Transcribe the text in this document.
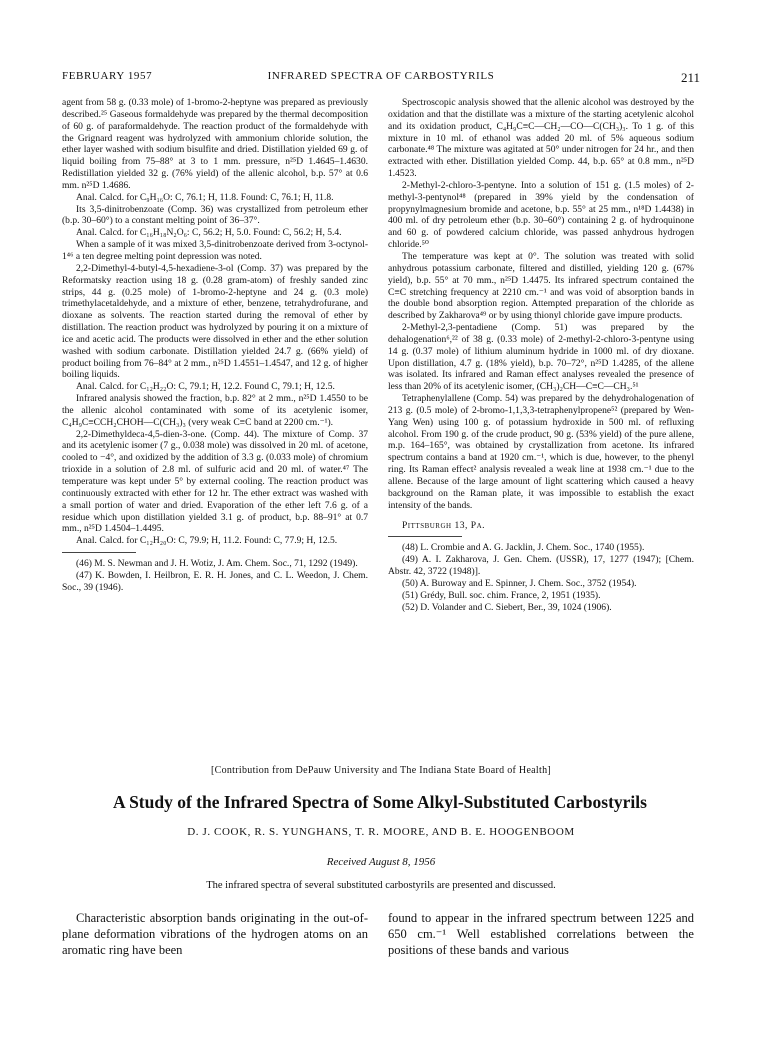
FEBRUARY 1957	INFRARED SPECTRA OF CARBOSTYRILS	211

agent from 58 g. (0.33 mole) of 1-bromo-2-heptyne was prepared as previously described.²⁵ Gaseous formaldehyde was prepared by the thermal decomposition of 60 g. of paraformaldehyde. The reaction product of the formaldehyde with the Grignard reagent was hydrolyzed with ammonium chloride solution, the ether layer washed with sodium bisulfite and dried. Distillation yielded 69 g. of liquid boiling from 75–88° at 3 to 1 mm. pressure, n²⁵D 1.4645–1.4630. Redistillation yielded 32 g. (76% yield) of the allenic alcohol, b.p. 57° at 0.6 mm. n²⁵D 1.4686.

Anal. Calcd. for C₉H₁₆O: C, 76.1; H, 11.8. Found: C, 76.1; H, 11.8.

Its 3,5-dinitrobenzoate (Comp. 36) was crystallized from petroleum ether (b.p. 30–60°) to a constant melting point of 36–37°.

Anal. Calcd. for C₁₆H₁₈N₂O₆: C, 56.2; H, 5.0. Found: C, 56.2; H, 5.4.

When a sample of it was mixed 3,5-dinitrobenzoate derived from 3-octynol-1⁴⁶ a ten degree melting point depression was noted.

2,2-Dimethyl-4-butyl-4,5-hexadiene-3-ol (Comp. 37) was prepared by the Reformatsky reaction using 18 g. (0.28 gram-atom) of freshly sanded zinc strips, 44 g. (0.25 mole) of 1-bromo-2-heptyne and 24 g. (0.3 mole) trimethylacetaldehyde, and a mixture of ether, benzene, tetrahydrofurane, and dioxane as solvents. The reaction started during the removal of ether by distillation. The reaction product was hydrolyzed by pouring it on a mixture of ice and acetic acid. The products were dissolved in ether and the ether solution washed with sodium carbonate. Distillation yielded 24.7 g. (66% yield) of product boiling from 76–84° at 2 mm., n²⁵D 1.4551–1.4547, and 12 g. of higher boiling liquids.

Anal. Calcd. for C₁₂H₂₂O: C, 79.1; H, 12.2. Found C, 79.1; H, 12.5.

Infrared analysis showed the fraction, b.p. 82° at 2 mm., n²⁵D 1.4550 to be the allenic alcohol contaminated with some of its acetylenic isomer, C₄H₉C≡CCH₂CHOH—C(CH₃)₃ (very weak C≡C band at 2200 cm.⁻¹).

2,2-Dimethyldeca-4,5-dien-3-one. (Comp. 44). The mixture of Comp. 37 and its acetylenic isomer (7 g., 0.038 mole) was dissolved in 20 ml. of acetone, cooled to −4°, and oxidized by the addition of 3.3 g. (0.033 mole) of chromium trioxide in a solution of 2.8 ml. of sulfuric acid and 20 ml. of water.⁴⁷ The temperature was kept under 5° by external cooling. The reaction product was continuously extracted with ether for 12 hr. The ether extract was washed with a small portion of water and dried. Evaporation of the ether left 7.6 g. of a residue which upon distillation yielded 3.1 g. of product, b.p. 88–91° at 0.7 mm., n²⁵D 1.4504–1.4495.

Anal. Calcd. for C₁₂H₂₀O: C, 79.9; H, 11.2. Found: C, 77.9; H, 12.5.

(46) M. S. Newman and J. H. Wotiz, J. Am. Chem. Soc., 71, 1292 (1949).

(47) K. Bowden, I. Heilbron, E. R. H. Jones, and C. L. Weedon, J. Chem. Soc., 39 (1946).

Spectroscopic analysis showed that the allenic alcohol was destroyed by the oxidation and that the distillate was a mixture of the starting acetylenic alcohol and its oxidation product, C₄H₉C≡C—CH₂—CO—C(CH₃)₃. To 1 g. of this mixture in 10 ml. of ethanol was added 20 ml. of 5% aqueous sodium carbonate.⁴⁸ The mixture was agitated at 50° under nitrogen for 24 hr., and then extracted with ether. Distillation yielded Comp. 44, b.p. 65° at 0.8 mm., n²⁵D 1.4523.

2-Methyl-2-chloro-3-pentyne. Into a solution of 151 g. (1.5 moles) of 2-methyl-3-pentynol⁴⁸ (prepared in 39% yield by the condensation of propynylmagnesium bromide and acetone, b.p. 55° at 25 mm., n¹⁸D 1.4438) in 400 ml. of dry petroleum ether (b.p. 30–60°) containing 2 g. of hydroquinone and 60 g. of powdered calcium chloride, was passed anhydrous hydrogen chloride.⁵⁰

The temperature was kept at 0°. The solution was treated with solid anhydrous potassium carbonate, filtered and distilled, yielding 120 g. (67% yield), b.p. 55° at 70 mm., n²⁵D 1.4475. Its infrared spectrum contained the C≡C stretching frequency at 2210 cm.⁻¹ and was void of absorption bands in the double bond absorption region. Attempted preparation of the chloride as described by Zakharova⁴⁹ or by using thionyl chloride gave impure products.

2-Methyl-2,3-pentadiene (Comp. 51) was prepared by the dehalogenation⁶,²² of 38 g. (0.33 mole) of 2-methyl-2-chloro-3-pentyne using 14 g. (0.37 mole) of lithium aluminum hydride in 1000 ml. of dry dioxane. Upon distillation, 4.7 g. (18% yield), b.p. 70–72°, n²⁵D 1.4285, of the allene was isolated. Its infrared and Raman effect analyses revealed the presence of less than 20% of its acetylenic isomer, (CH₃)₂CH—C≡C—CH₃.⁵¹

Tetraphenylallene (Comp. 54) was prepared by the dehydrohalogenation of 213 g. (0.5 mole) of 2-bromo-1,1,3,3-tetraphenylpropene⁵² (prepared by Wen-Yang Wen) using 100 g. of potassium hydroxide in 500 ml. of refluxing alcohol. From 190 g. of the crude product, 90 g. (53% yield) of the pure allene, m.p. 164–165°, was obtained by crystallization from acetone. Its infrared spectrum contains a band at 1920 cm.⁻¹, which is due, however, to the phenyl ring. Its Raman effect² analysis revealed a weak line at 1938 cm.⁻¹ due to the allene. Because of the large amount of light scattering which caused a heavy background on the Raman plate, it was impossible to establish the exact intensity of the bands.

Pittsburgh 13, Pa.

(48) L. Crombie and A. G. Jacklin, J. Chem. Soc., 1740 (1955).

(49) A. I. Zakharova, J. Gen. Chem. (USSR), 17, 1277 (1947); [Chem. Abstr. 42, 3722 (1948)].

(50) A. Buroway and E. Spinner, J. Chem. Soc., 3752 (1954).

(51) Grédy, Bull. soc. chim. France, 2, 1951 (1935).

(52) D. Volander and C. Siebert, Ber., 39, 1024 (1906).

[Contribution from DePauw University and The Indiana State Board of Health]
A Study of the Infrared Spectra of Some Alkyl-Substituted Carbostyrils
D. J. COOK, R. S. YUNGHANS, T. R. MOORE, AND B. E. HOOGENBOOM
Received August 8, 1956
The infrared spectra of several substituted carbostyrils are presented and discussed.

Characteristic absorption bands originating in the out-of-plane deformation vibrations of the hydrogen atoms on an aromatic ring have been

found to appear in the infrared spectrum between 1225 and 650 cm.⁻¹ Well established correlations between the positions of these bands and various
